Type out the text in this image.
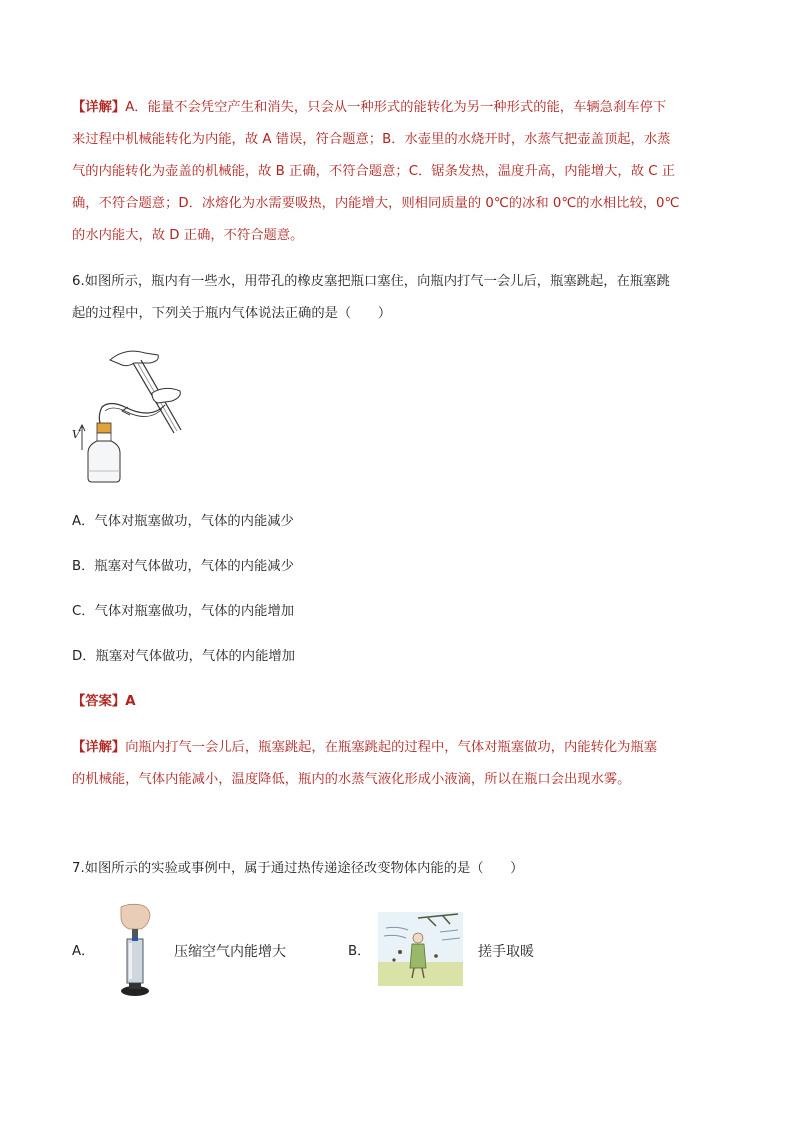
【详解】A．能量不会凭空产生和消失，只会从一种形式的能转化为另一种形式的能，车辆急刹车停下
来过程中机械能转化为内能，故 A 错误，符合题意；B．水壶里的水烧开时，水蒸气把壶盖顶起，水蒸
气的内能转化为壶盖的机械能，故 B 正确，不符合题意；C．锯条发热，温度升高，内能增大，故 C 正
确，不符合题意；D．冰熔化为水需要吸热，内能增大，则相同质量的 0℃的冰和 0℃的水相比较，0℃
的水内能大，故 D 正确，不符合题意。
6.如图所示，瓶内有一些水，用带孔的橡皮塞把瓶口塞住，向瓶内打气一会儿后，瓶塞跳起，在瓶塞跳
起的过程中，下列关于瓶内气体说法正确的是（　　）
V
A．气体对瓶塞做功，气体的内能减少
B．瓶塞对气体做功，气体的内能减少
C．气体对瓶塞做功，气体的内能增加
D．瓶塞对气体做功，气体的内能增加
【答案】A
【详解】向瓶内打气一会儿后，瓶塞跳起，在瓶塞跳起的过程中，气体对瓶塞做功，内能转化为瓶塞
的机械能，气体内能减小，温度降低，瓶内的水蒸气液化形成小液滴，所以在瓶口会出现水雾。
7.如图所示的实验或事例中，属于通过热传递途径改变物体内能的是（　　）
A．	压缩空气内能增大	B．	搓手取暖
